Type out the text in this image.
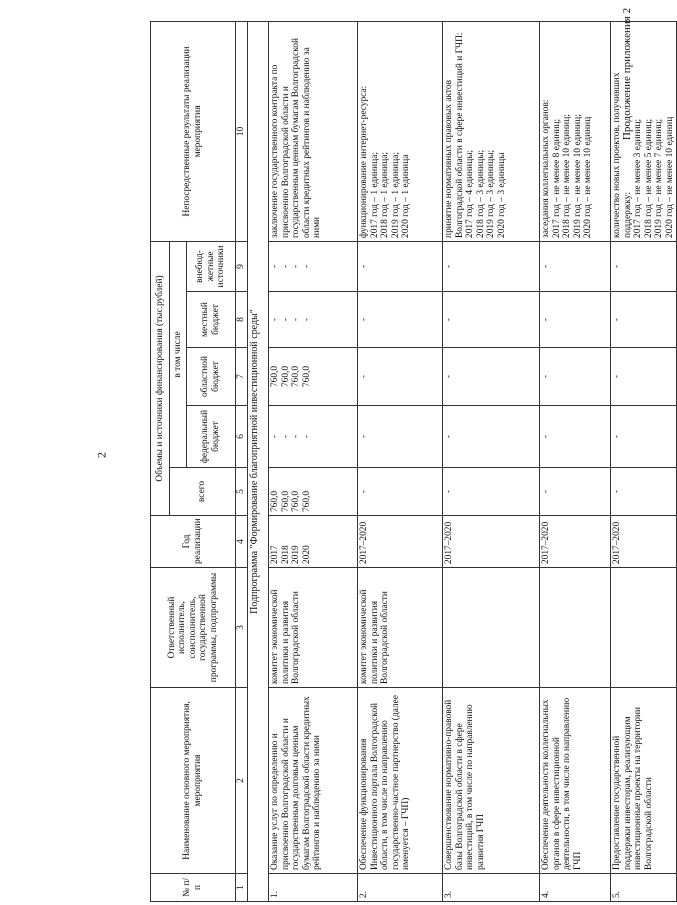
2
Продолжение приложения 2
№ п/п	Наименование основного мероприятия, мероприятия	Ответственный исполнитель, соисполнитель, государственной программы, подпрограммы	Год реализации	Объемы и источники финансирования (тыс.рублей)					Непосредственные результаты реализации мероприятия
				всего	в том числе				
					федеральный бюджет	областной бюджет	местный бюджет	внебюд-жетные источники	
1	2	3	4	5	6	7	8	9	10
Подпрограмма "Формирование благоприятной инвестиционной среды"									
1.	Оказание услуг по определению и присвоению Волгоградской области и государственным долговым ценным бумагам Волгоградской области кредитных рейтингов и наблюдению за ними	комитет экономической политики и развития Волгоградской области	2017 2018 2019 2020	760,0 760,0 760,0 760,0	- - - -	760,0 760,0 760,0 760,0	- - - -	- - - -	заключение государственного контракта по присвоению Волгоградской области и государственным ценным бумагам Волгоградской области кредитных рейтингов и наблюдению за ними
2.	Обеспечение функционирования Инвестиционного портала Волгоградской области, в том числе по направлению государственно-частное партнерство (далее именуется – ГЧП)	комитет экономической политики и развития Волгоградской области	2017–2020	-	-	-	-	-	функционирование интернет-ресурса: 2017 год – 1 единица; 2018 год – 1 единица; 2019 год – 1 единица; 2020 год – 1 единица

3.	Совершенствование нормативно-правовой базы Волгоградской области в сфере инвестиций, в том числе по направлению развития ГЧП		2017–2020	-	-	-	-	-	принятие нормативных правовых актов Волгоградской области в сфере инвестиций и ГЧП: 2017 год – 4 единицы; 2018 год – 3 единицы; 2019 год – 3 единицы; 2020 год – 3 единицы

4.	Обеспечение деятельности коллегиальных органов в сфере инвестиционной деятельности, в том числе по направлению ГЧП		2017–2020	-	-	-	-	-	заседания коллегиальных органов: 2017 год – не менее 8 единиц; 2018 год – не менее 10 единиц; 2019 год – не менее 10 единиц; 2020 год – не менее 10 единиц

5.	Предоставление государственной поддержки инвесторам, реализующим инвестиционные проекты на территории Волгоградской области		2017–2020	-	-	-	-	-	количество новых проектов, получивших поддержку: 2017 год – не менее 3 единиц; 2018 год – не менее 5 единиц; 2019 год – не менее 7 единиц; 2020 год – не менее 10 единиц
